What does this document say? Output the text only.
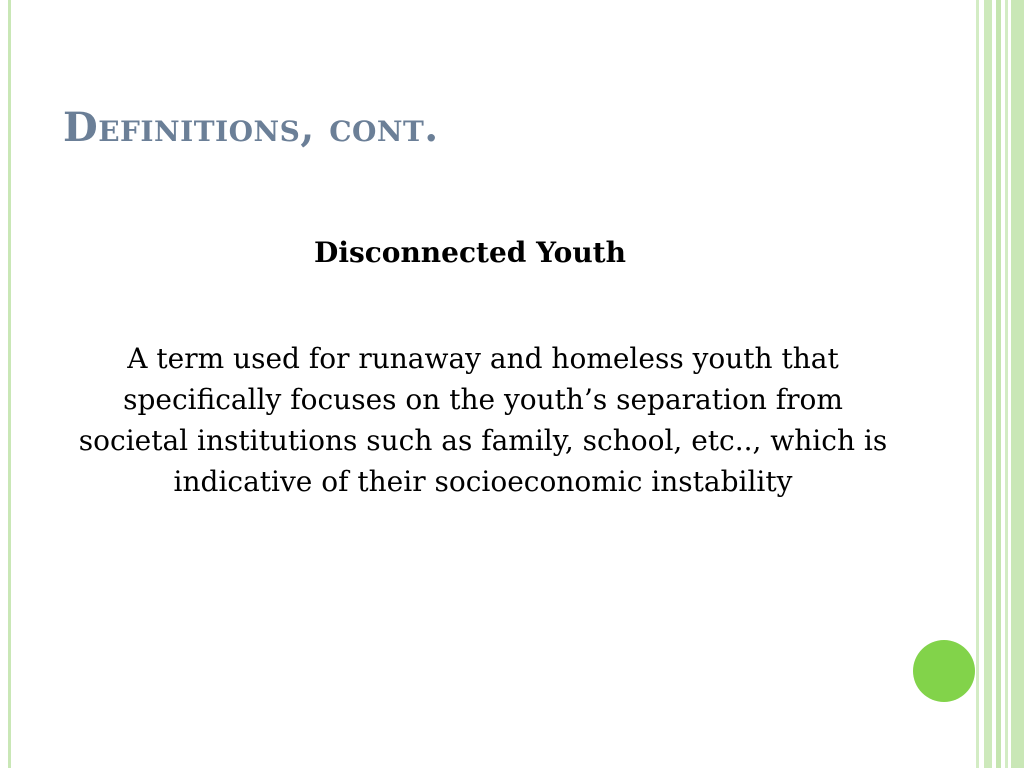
Definitions, cont.

Disconnected Youth

A term used for runaway and homeless youth that specifically focuses on the youth’s separation from societal institutions such as family, school, etc.., which is indicative of their socioeconomic instability
